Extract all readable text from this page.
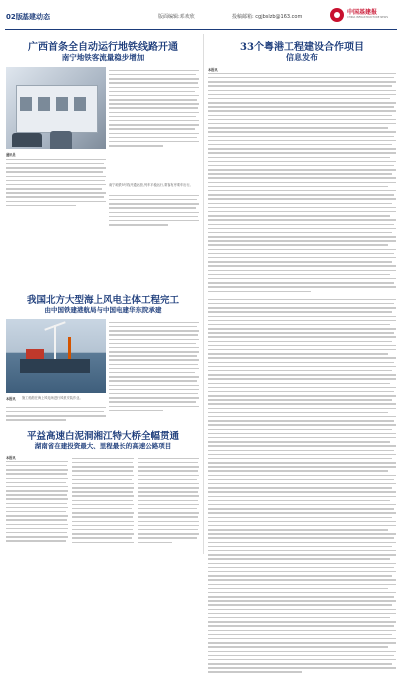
02版 基建动态	版面编辑:邓欢欣	投稿邮箱: cgjbslzb@163.com
中国基建报
CHINA INFRASTRUCTURE NEWS
广西首条全自动运行地铁线路开通
南宁地铁客流量稳步增加
通讯员
南宁地铁5号线开通运营,列车平稳运行,乘客有序乘车出行。
33个粤港工程建设合作项目
信息发布
本报讯
我国北方大型海上风电主体工程完工
由中国铁建港航局与中国电建华东院承建
本报讯 施工船舶在海上风电场进行风机安装作业。
平益高速白泥洞湘江特大桥全幅贯通
湖南省在建投资最大、里程最长的高速公路项目
本报讯
